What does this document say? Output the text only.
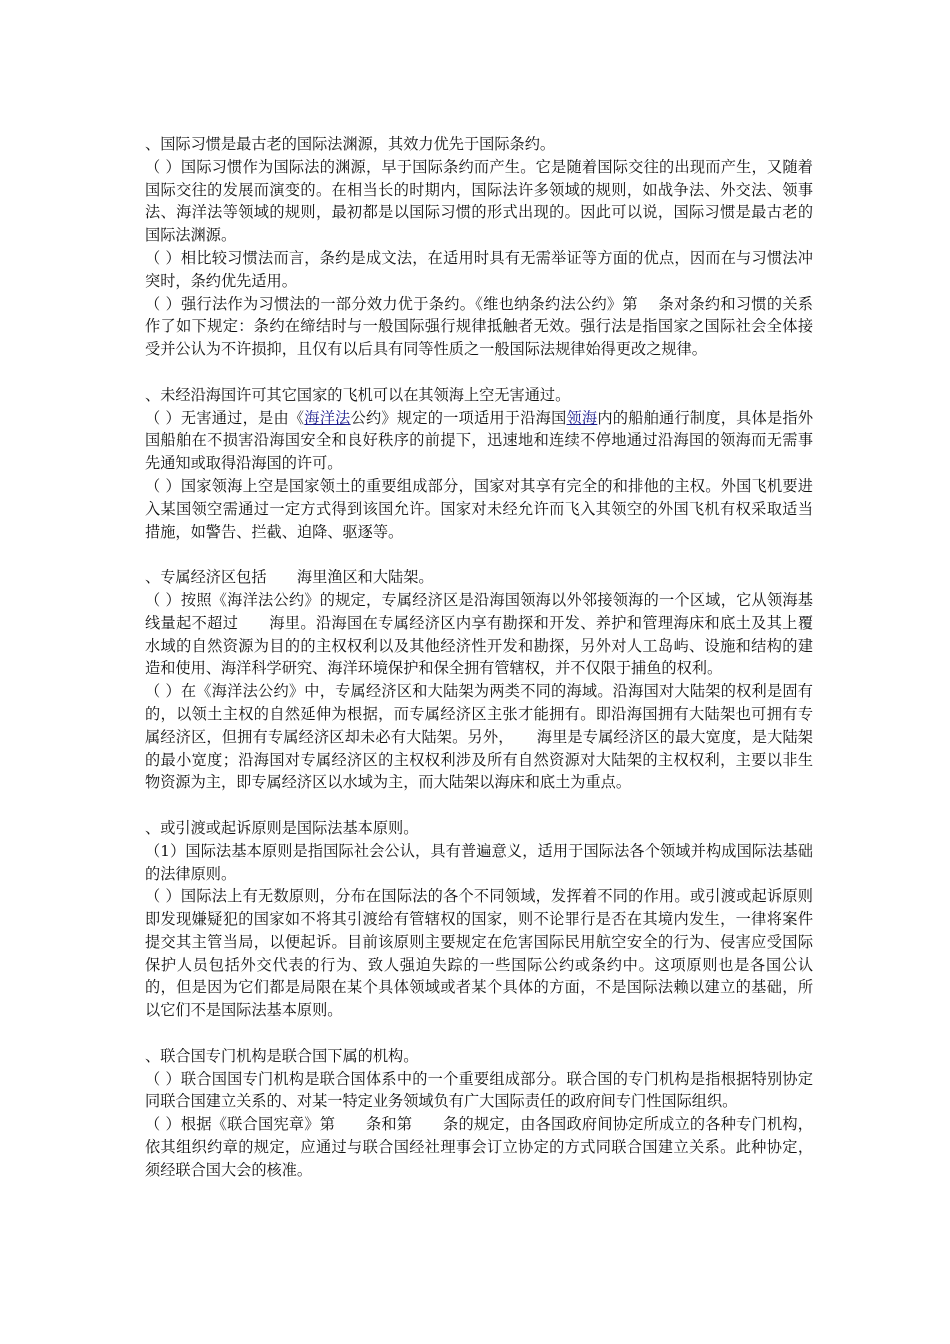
、国际习惯是最古老的国际法渊源，其效力优先于国际条约。

（ ）国际习惯作为国际法的渊源，早于国际条约而产生。它是随着国际交往的出现而产生，又随着国际交往的发展而演变的。在相当长的时期内，国际法许多领域的规则，如战争法、外交法、领事法、海洋法等领域的规则，最初都是以国际习惯的形式出现的。因此可以说，国际习惯是最古老的国际法渊源。

（ ）相比较习惯法而言，条约是成文法，在适用时具有无需举证等方面的优点，因而在与习惯法冲突时，条约优先适用。

（ ）强行法作为习惯法的一部分效力优于条约。《维也纳条约法公约》第 　条对条约和习惯的关系作了如下规定：条约在缔结时与一般国际强行规律抵触者无效。强行法是指国家之国际社会全体接受并公认为不许损抑，且仅有以后具有同等性质之一般国际法规律始得更改之规律。

、未经沿海国许可其它国家的飞机可以在其领海上空无害通过。

（ ）无害通过，是由《海洋法公约》规定的一项适用于沿海国领海内的船舶通行制度，具体是指外国船舶在不损害沿海国安全和良好秩序的前提下，迅速地和连续不停地通过沿海国的领海而无需事先通知或取得沿海国的许可。

（ ）国家领海上空是国家领土的重要组成部分，国家对其享有完全的和排他的主权。外国飞机要进入某国领空需通过一定方式得到该国允许。国家对未经允许而飞入其领空的外国飞机有权采取适当措施，如警告、拦截、迫降、驱逐等。

、专属经济区包括　　海里渔区和大陆架。

（ ）按照《海洋法公约》的规定，专属经济区是沿海国领海以外邻接领海的一个区域，它从领海基线量起不超过　　海里。沿海国在专属经济区内享有勘探和开发、养护和管理海床和底土及其上覆水域的自然资源为目的的主权权利以及其他经济性开发和勘探，另外对人工岛屿、设施和结构的建造和使用、海洋科学研究、海洋环境保护和保全拥有管辖权，并不仅限于捕鱼的权利。

（ ）在《海洋法公约》中，专属经济区和大陆架为两类不同的海域。沿海国对大陆架的权利是固有的，以领土主权的自然延伸为根据，而专属经济区主张才能拥有。即沿海国拥有大陆架也可拥有专属经济区，但拥有专属经济区却未必有大陆架。另外，　　海里是专属经济区的最大宽度，是大陆架的最小宽度；沿海国对专属经济区的主权权利涉及所有自然资源对大陆架的主权权利，主要以非生物资源为主，即专属经济区以水域为主，而大陆架以海床和底土为重点。

、或引渡或起诉原则是国际法基本原则。

（1）国际法基本原则是指国际社会公认，具有普遍意义，适用于国际法各个领域并构成国际法基础的法律原则。

（ ）国际法上有无数原则，分布在国际法的各个不同领域，发挥着不同的作用。或引渡或起诉原则即发现嫌疑犯的国家如不将其引渡给有管辖权的国家，则不论罪行是否在其境内发生，一律将案件提交其主管当局，以便起诉。目前该原则主要规定在危害国际民用航空安全的行为、侵害应受国际保护人员包括外交代表的行为、致人强迫失踪的一些国际公约或条约中。这项原则也是各国公认的，但是因为它们都是局限在某个具体领域或者某个具体的方面，不是国际法赖以建立的基础，所以它们不是国际法基本原则。

、联合国专门机构是联合国下属的机构。

（ ）联合国国专门机构是联合国体系中的一个重要组成部分。联合国的专门机构是指根据特别协定同联合国建立关系的、对某一特定业务领域负有广大国际责任的政府间专门性国际组织。

（ ）根据《联合国宪章》第　　条和第　　条的规定，由各国政府间协定所成立的各种专门机构，依其组织约章的规定，应通过与联合国经社理事会订立协定的方式同联合国建立关系。此种协定，须经联合国大会的核准。
